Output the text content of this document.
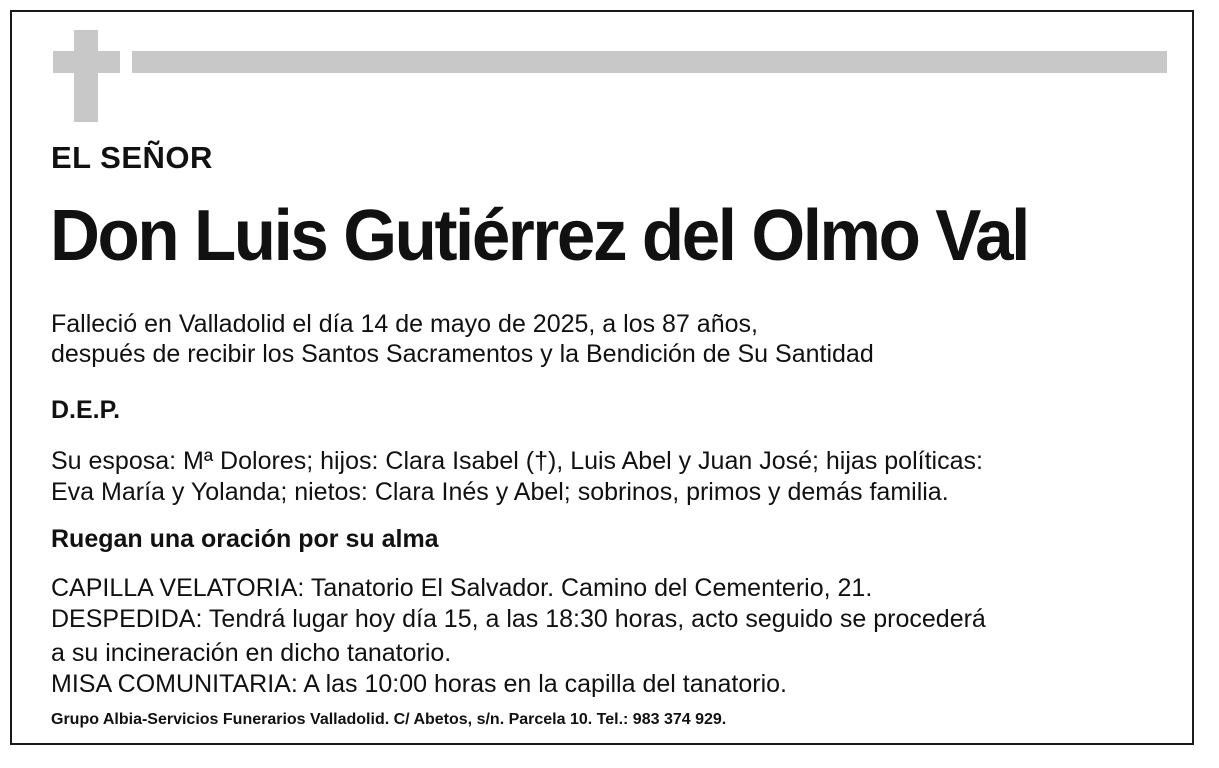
EL SEÑOR
Don Luis Gutiérrez del Olmo Val
Falleció en Valladolid el día 14 de mayo de 2025, a los 87 años,
después de recibir los Santos Sacramentos y la Bendición de Su Santidad
D.E.P.
Su esposa: Mª Dolores; hijos: Clara Isabel (†), Luis Abel y Juan José; hijas políticas:
Eva María y Yolanda; nietos: Clara Inés y Abel; sobrinos, primos y demás familia.
Ruegan una oración por su alma
CAPILLA VELATORIA: Tanatorio El Salvador. Camino del Cementerio, 21.
DESPEDIDA: Tendrá lugar hoy día 15, a las 18:30 horas, acto seguido se procederá
a su incineración en dicho tanatorio.
MISA COMUNITARIA: A las 10:00 horas en la capilla del tanatorio.
Grupo Albia-Servicios Funerarios Valladolid. C/ Abetos, s/n. Parcela 10. Tel.: 983 374 929.
